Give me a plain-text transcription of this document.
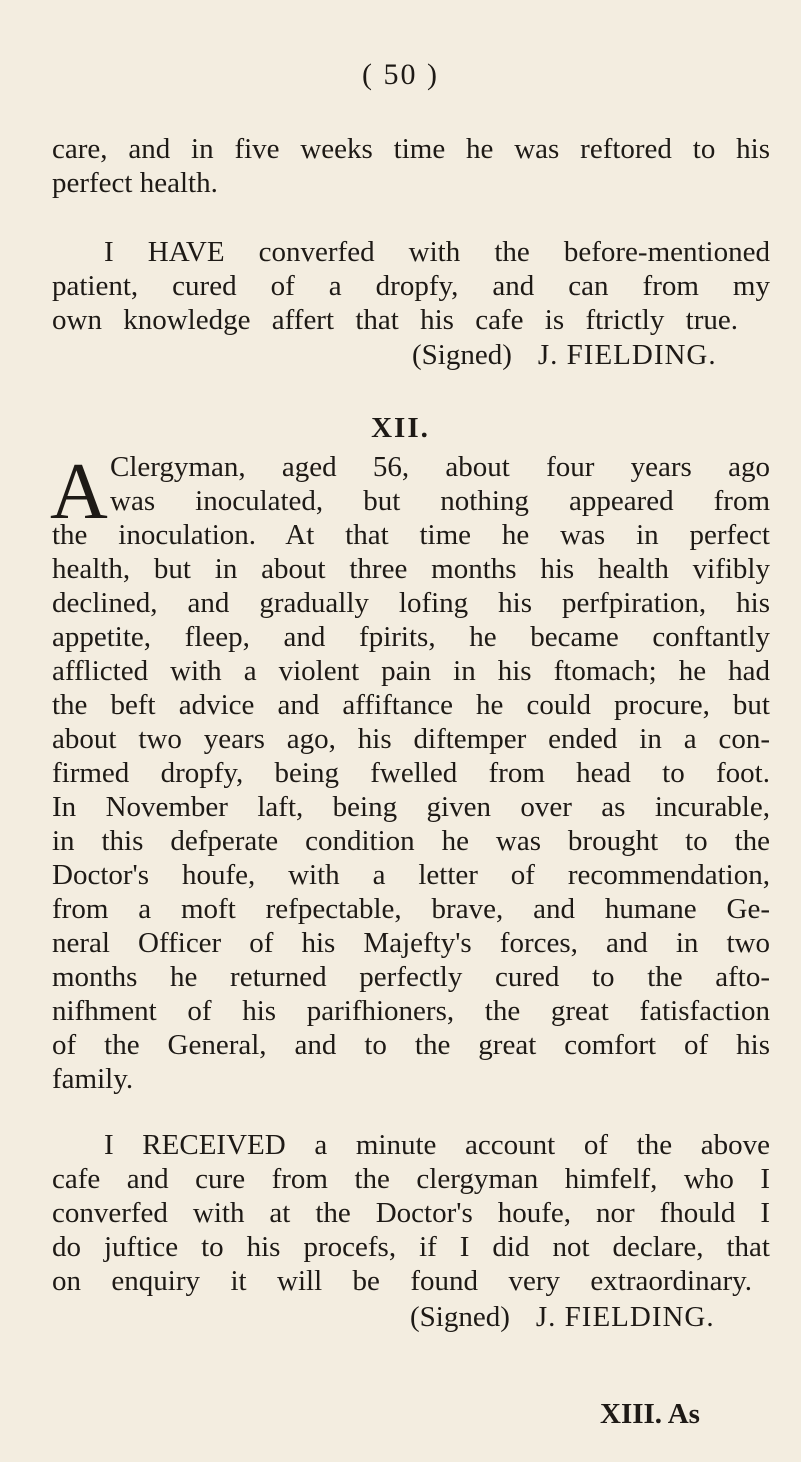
( 50 )
care, and in five weeks time he was reftored to his
perfect health.
I HAVE converfed with the before-mentioned
patient, cured of a dropfy, and can from my
own knowledge affert that his cafe is ftrictly true.
(Signed) J. FIELDING.
XII.
A Clergyman, aged 56, about four years ago
was inoculated, but nothing appeared from
the inoculation. At that time he was in perfect
health, but in about three months his health vifibly
declined, and gradually lofing his perfpiration, his
appetite, fleep, and fpirits, he became conftantly
afflicted with a violent pain in his ftomach; he had
the beft advice and affiftance he could procure, but
about two years ago, his diftemper ended in a con-
firmed dropfy, being fwelled from head to foot.
In November laft, being given over as incurable,
in this defperate condition he was brought to the
Doctor's houfe, with a letter of recommendation,
from a moft refpectable, brave, and humane Ge-
neral Officer of his Majefty's forces, and in two
months he returned perfectly cured to the afto-
nifhment of his parifhioners, the great fatisfaction
of the General, and to the great comfort of his
family.
I RECEIVED a minute account of the above
cafe and cure from the clergyman himfelf, who I
converfed with at the Doctor's houfe, nor fhould I
do juftice to his procefs, if I did not declare, that
on enquiry it will be found very extraordinary.
(Signed) J. FIELDING.
XIII. As
